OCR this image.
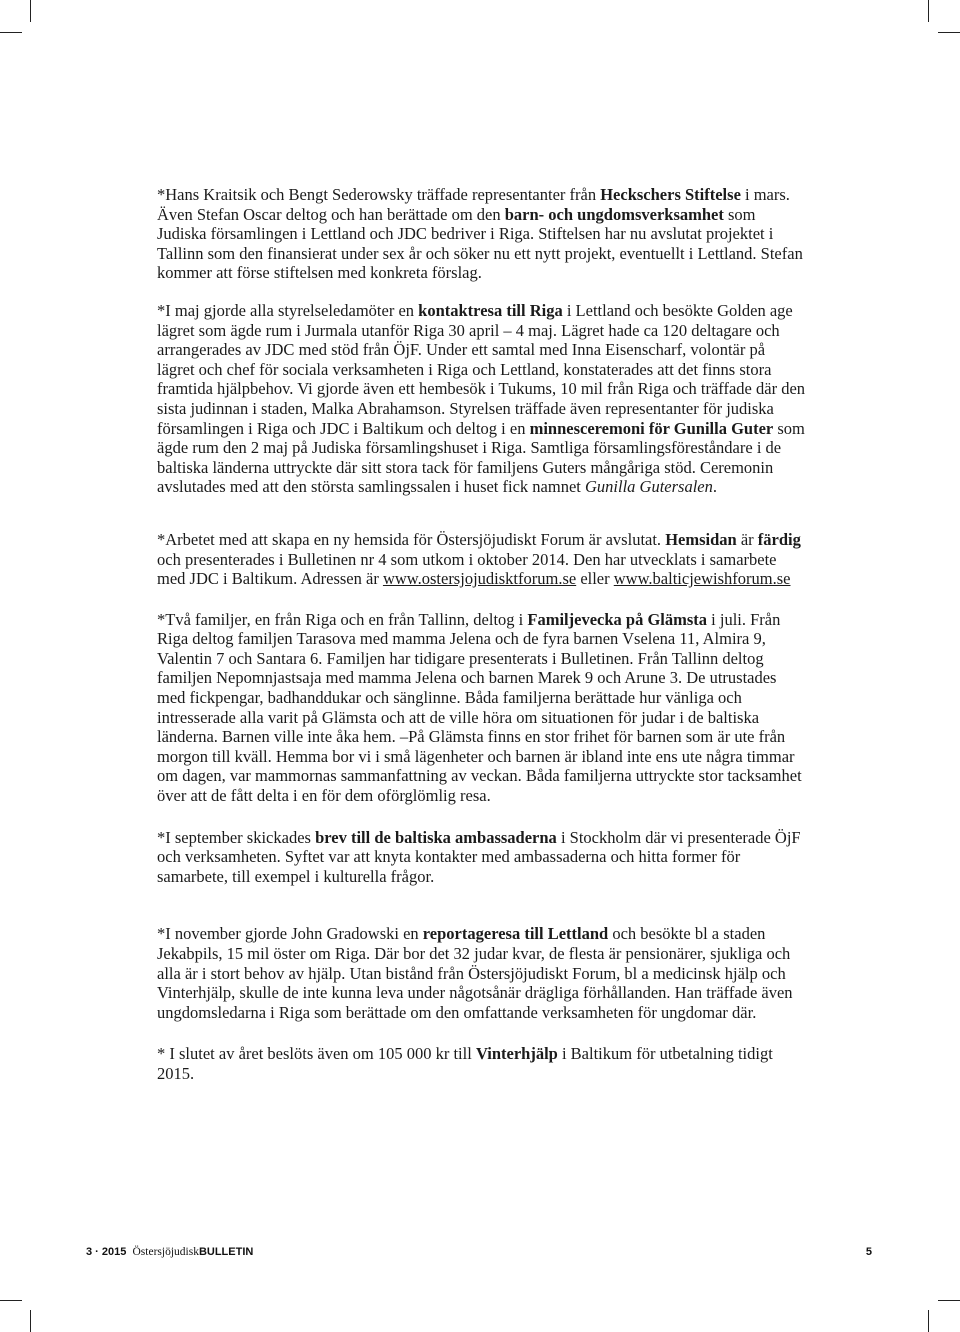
*Hans Kraitsik och Bengt Sederowsky träffade representanter från Heckschers Stiftelse i mars. Även Stefan Oscar deltog och han berättade om den barn- och ungdomsverksamhet som Judiska församlingen i Lettland och JDC bedriver i Riga. Stiftelsen har nu avslutat projektet i Tallinn som den finansierat under sex år och söker nu ett nytt projekt, eventuellt i Lettland. Stefan kommer att förse stiftelsen med konkreta förslag.

*I maj gjorde alla styrelseledamöter en kontaktresa till Riga i Lettland och besökte Golden age lägret som ägde rum i Jurmala utanför Riga 30 april – 4 maj. Lägret hade ca 120 deltagare och arrangerades av JDC med stöd från ÖjF. Under ett samtal med Inna Eisenscharf, volontär på lägret och chef för sociala verksamheten i Riga och Lettland, konstaterades att det finns stora framtida hjälpbehov. Vi gjorde även ett hembesök i Tukums, 10 mil från Riga och träffade där den sista judinnan i staden, Malka Abrahamson. Styrelsen träffade även representanter för judiska församlingen i Riga och JDC i Baltikum och deltog i en minnesceremoni för Gunilla Guter som ägde rum den 2 maj på Judiska församlingshuset i Riga. Samtliga församlingsföreståndare i de baltiska länderna uttryckte där sitt stora tack för familjens Guters mångåriga stöd. Ceremonin avslutades med att den största samlingssalen i huset fick namnet Gunilla Gutersalen.

*Arbetet med att skapa en ny hemsida för Östersjöjudiskt Forum är avslutat. Hemsidan är färdig och presenterades i Bulletinen nr 4 som utkom i oktober 2014. Den har utvecklats i samarbete med JDC i Baltikum. Adressen är www.ostersjojudisktforum.se eller www.balticjewishforum.se

*Två familjer, en från Riga och en från Tallinn, deltog i Familjevecka på Glämsta i juli. Från Riga deltog familjen Tarasova med mamma Jelena och de fyra barnen Vselena 11, Almira 9, Valentin 7 och Santara 6. Familjen har tidigare presenterats i Bulletinen. Från Tallinn deltog familjen Nepomnjastsaja med mamma Jelena och barnen Marek 9 och Arune 3. De utrustades med fickpengar, badhanddukar och sänglinne. Båda familjerna berättade hur vänliga och intresserade alla varit på Glämsta och att de ville höra om situationen för judar i de baltiska länderna. Barnen ville inte åka hem. –På Glämsta finns en stor frihet för barnen som är ute från morgon till kväll. Hemma bor vi i små lägenheter och barnen är ibland inte ens ute några timmar om dagen, var mammornas sammanfattning av veckan. Båda familjerna uttryckte stor tacksamhet över att de fått delta i en för dem oförglömlig resa.

*I september skickades brev till de baltiska ambassaderna i Stockholm där vi presenterade ÖjF och verksamheten. Syftet var att knyta kontakter med ambassaderna och hitta former för samarbete, till exempel i kulturella frågor.

*I november gjorde John Gradowski en reportageresa till Lettland och besökte bl a staden Jekabpils, 15 mil öster om Riga. Där bor det 32 judar kvar, de flesta är pensionärer, sjukliga och alla är i stort behov av hjälp. Utan bistånd från Östersjöjudiskt Forum, bl a medicinsk hjälp och Vinterhjälp, skulle de inte kunna leva under någotsånär drägliga förhållanden. Han träffade även ungdomsledarna i Riga som berättade om den omfattande verksamheten för ungdomar där.

* I slutet av året beslöts även om 105 000 kr till Vinterhjälp i Baltikum för utbetalning tidigt 2015.

3 · 2015 ÖstersjöjudiskBULLETIN	5
